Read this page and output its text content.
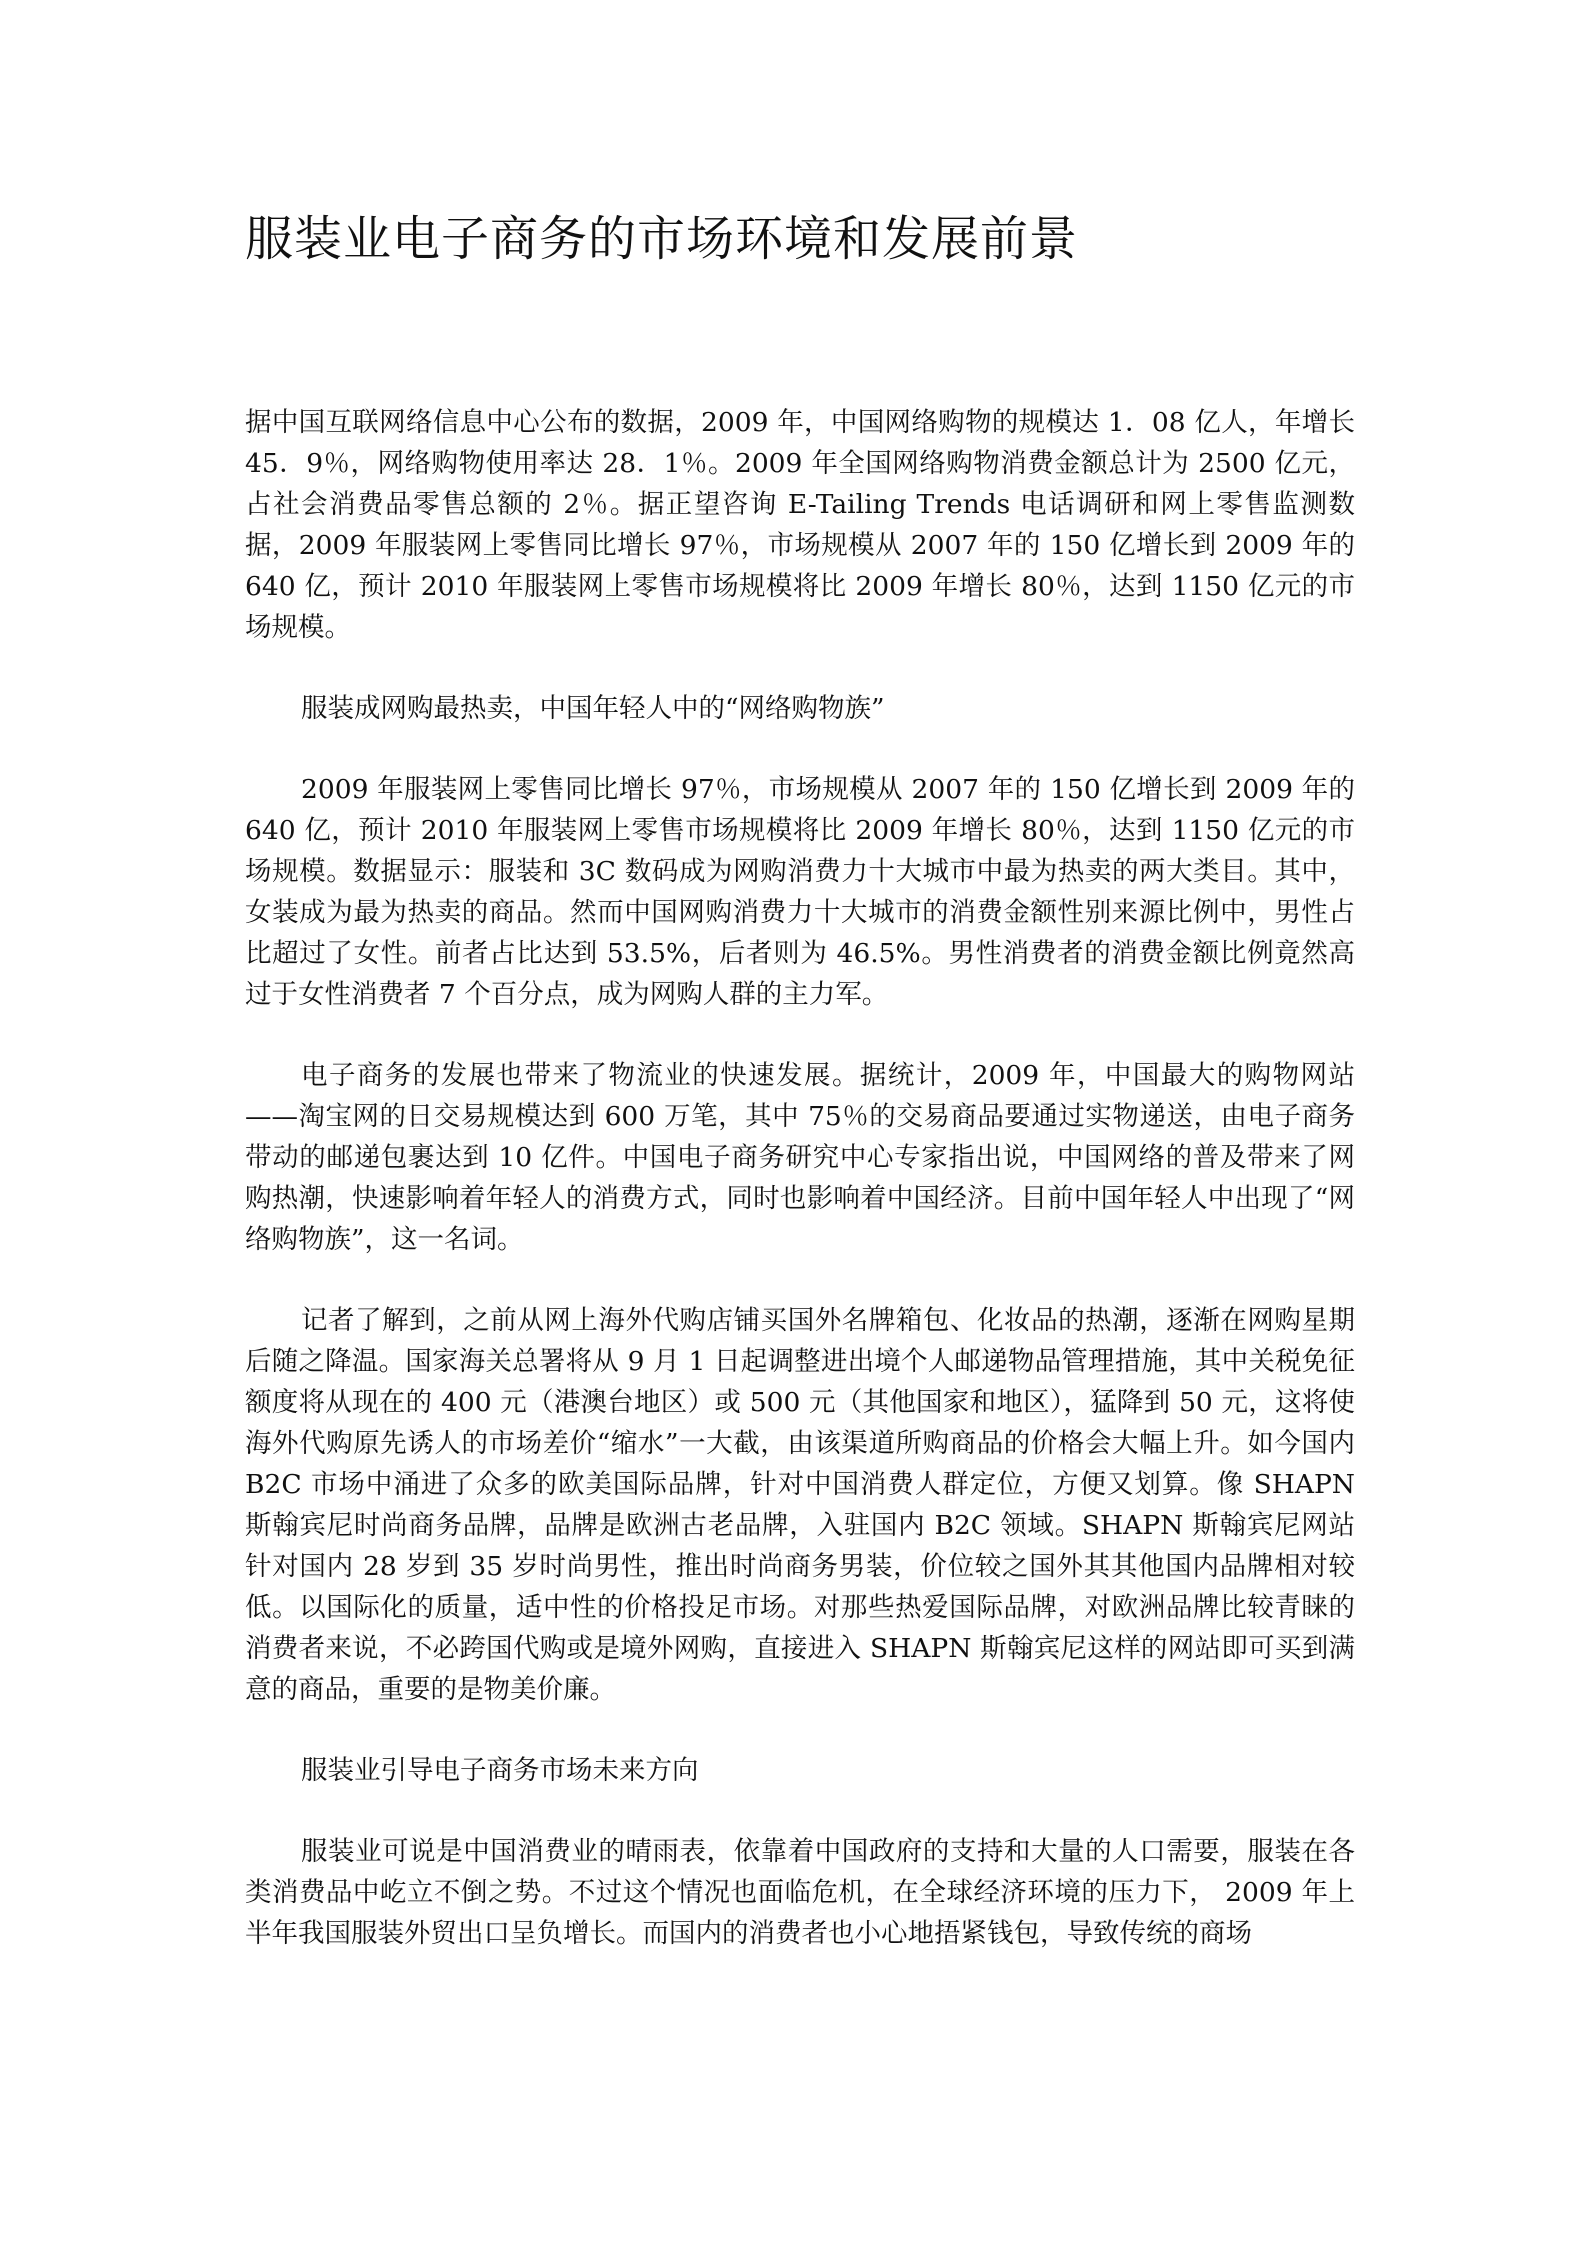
服装业电子商务的市场环境和发展前景

据中国互联网络信息中心公布的数据，2009 年，中国网络购物的规模达 1．08 亿人，年增长 45．9％，网络购物使用率达 28．1％。2009 年全国网络购物消费金额总计为 2500 亿元，占社会消费品零售总额的 2％。据正望咨询 E-Tailing Trends 电话调研和网上零售监测数据，2009 年服装网上零售同比增长 97％，市场规模从 2007 年的 150 亿增长到 2009 年的 640 亿，预计 2010 年服装网上零售市场规模将比 2009 年增长 80％，达到 1150 亿元的市场规模。

服装成网购最热卖，中国年轻人中的“网络购物族”

2009 年服装网上零售同比增长 97％，市场规模从 2007 年的 150 亿增长到 2009 年的 640 亿，预计 2010 年服装网上零售市场规模将比 2009 年增长 80％，达到 1150 亿元的市场规模。数据显示：服装和 3C 数码成为网购消费力十大城市中最为热卖的两大类目。其中，女装成为最为热卖的商品。然而中国网购消费力十大城市的消费金额性别来源比例中，男性占比超过了女性。前者占比达到 53.5%，后者则为 46.5%。男性消费者的消费金额比例竟然高过于女性消费者 7 个百分点，成为网购人群的主力军。

电子商务的发展也带来了物流业的快速发展。据统计，2009 年，中国最大的购物网站——淘宝网的日交易规模达到 600 万笔，其中 75％的交易商品要通过实物递送，由电子商务带动的邮递包裹达到 10 亿件。中国电子商务研究中心专家指出说，中国网络的普及带来了网购热潮，快速影响着年轻人的消费方式，同时也影响着中国经济。目前中国年轻人中出现了“网络购物族”，这一名词。

记者了解到，之前从网上海外代购店铺买国外名牌箱包、化妆品的热潮，逐渐在网购星期后随之降温。国家海关总署将从 9 月 1 日起调整进出境个人邮递物品管理措施，其中关税免征额度将从现在的 400 元（港澳台地区）或 500 元（其他国家和地区），猛降到 50 元，这将使海外代购原先诱人的市场差价“缩水”一大截，由该渠道所购商品的价格会大幅上升。如今国内 B2C 市场中涌进了众多的欧美国际品牌，针对中国消费人群定位，方便又划算。像 SHAPN 斯翰宾尼时尚商务品牌，品牌是欧洲古老品牌，入驻国内 B2C 领域。SHAPN 斯翰宾尼网站针对国内 28 岁到 35 岁时尚男性，推出时尚商务男装，价位较之国外其其他国内品牌相对较低。以国际化的质量，适中性的价格投足市场。对那些热爱国际品牌，对欧洲品牌比较青睐的消费者来说，不必跨国代购或是境外网购，直接进入 SHAPN 斯翰宾尼这样的网站即可买到满意的商品，重要的是物美价廉。

服装业引导电子商务市场未来方向

服装业可说是中国消费业的晴雨表，依靠着中国政府的支持和大量的人口需要，服装在各类消费品中屹立不倒之势。不过这个情况也面临危机，在全球经济环境的压力下， 2009 年上半年我国服装外贸出口呈负增长。而国内的消费者也小心地捂紧钱包，导致传统的商场
